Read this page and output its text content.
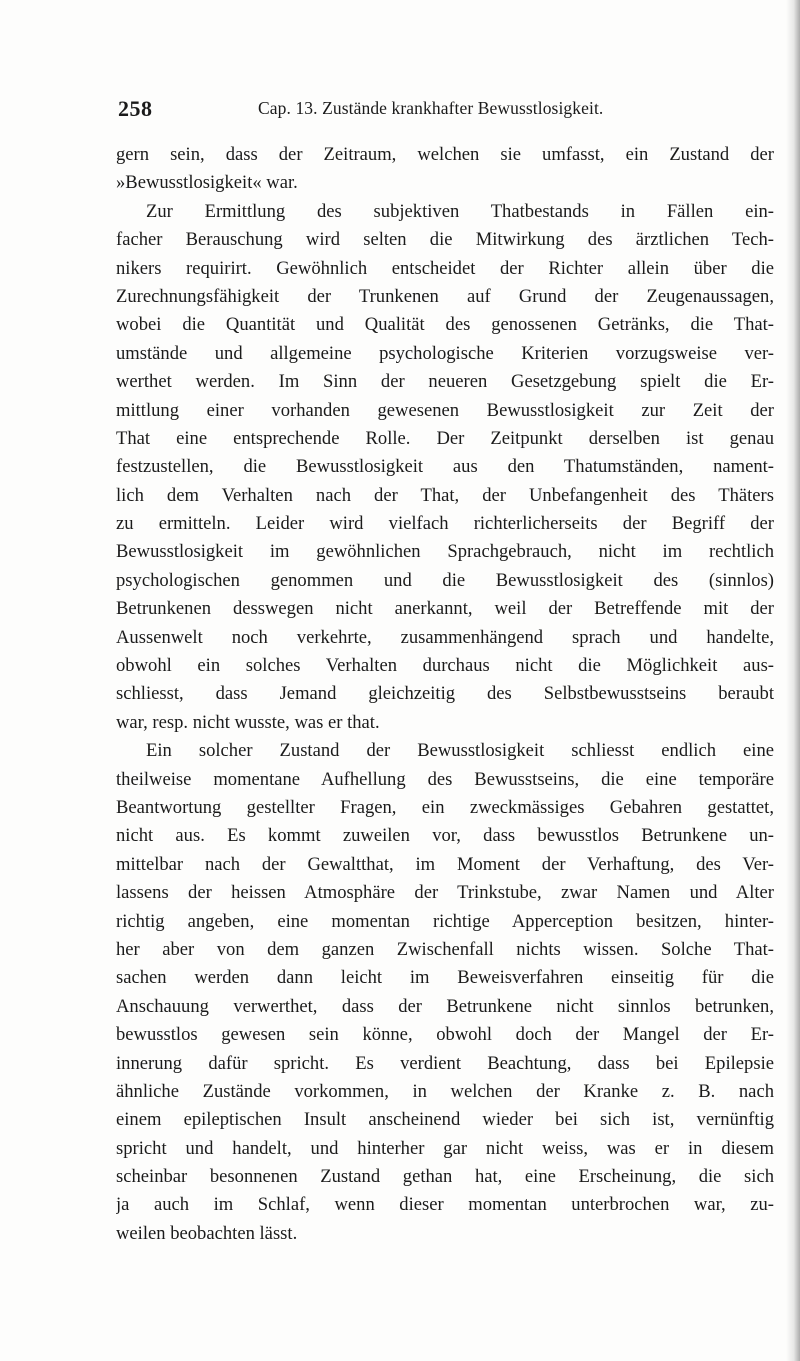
258	Cap. 13. Zustände krankhafter Bewusstlosigkeit.
gern sein, dass der Zeitraum, welchen sie umfasst, ein Zustand der
»Bewusstlosigkeit« war.
Zur Ermittlung des subjektiven Thatbestands in Fällen ein-
facher Berauschung wird selten die Mitwirkung des ärztlichen Tech-
nikers requirirt. Gewöhnlich entscheidet der Richter allein über die
Zurechnungsfähigkeit der Trunkenen auf Grund der Zeugenaussagen,
wobei die Quantität und Qualität des genossenen Getränks, die That-
umstände und allgemeine psychologische Kriterien vorzugsweise ver-
werthet werden. Im Sinn der neueren Gesetzgebung spielt die Er-
mittlung einer vorhanden gewesenen Bewusstlosigkeit zur Zeit der
That eine entsprechende Rolle. Der Zeitpunkt derselben ist genau
festzustellen, die Bewusstlosigkeit aus den Thatumständen, nament-
lich dem Verhalten nach der That, der Unbefangenheit des Thäters
zu ermitteln. Leider wird vielfach richterlicherseits der Begriff der
Bewusstlosigkeit im gewöhnlichen Sprachgebrauch, nicht im rechtlich
psychologischen genommen und die Bewusstlosigkeit des (sinnlos)
Betrunkenen desswegen nicht anerkannt, weil der Betreffende mit der
Aussenwelt noch verkehrte, zusammenhängend sprach und handelte,
obwohl ein solches Verhalten durchaus nicht die Möglichkeit aus-
schliesst, dass Jemand gleichzeitig des Selbstbewusstseins beraubt
war, resp. nicht wusste, was er that.
Ein solcher Zustand der Bewusstlosigkeit schliesst endlich eine
theilweise momentane Aufhellung des Bewusstseins, die eine temporäre
Beantwortung gestellter Fragen, ein zweckmässiges Gebahren gestattet,
nicht aus. Es kommt zuweilen vor, dass bewusstlos Betrunkene un-
mittelbar nach der Gewaltthat, im Moment der Verhaftung, des Ver-
lassens der heissen Atmosphäre der Trinkstube, zwar Namen und Alter
richtig angeben, eine momentan richtige Apperception besitzen, hinter-
her aber von dem ganzen Zwischenfall nichts wissen. Solche That-
sachen werden dann leicht im Beweisverfahren einseitig für die
Anschauung verwerthet, dass der Betrunkene nicht sinnlos betrunken,
bewusstlos gewesen sein könne, obwohl doch der Mangel der Er-
innerung dafür spricht. Es verdient Beachtung, dass bei Epilepsie
ähnliche Zustände vorkommen, in welchen der Kranke z. B. nach
einem epileptischen Insult anscheinend wieder bei sich ist, vernünftig
spricht und handelt, und hinterher gar nicht weiss, was er in diesem
scheinbar besonnenen Zustand gethan hat, eine Erscheinung, die sich
ja auch im Schlaf, wenn dieser momentan unterbrochen war, zu-
weilen beobachten lässt.
